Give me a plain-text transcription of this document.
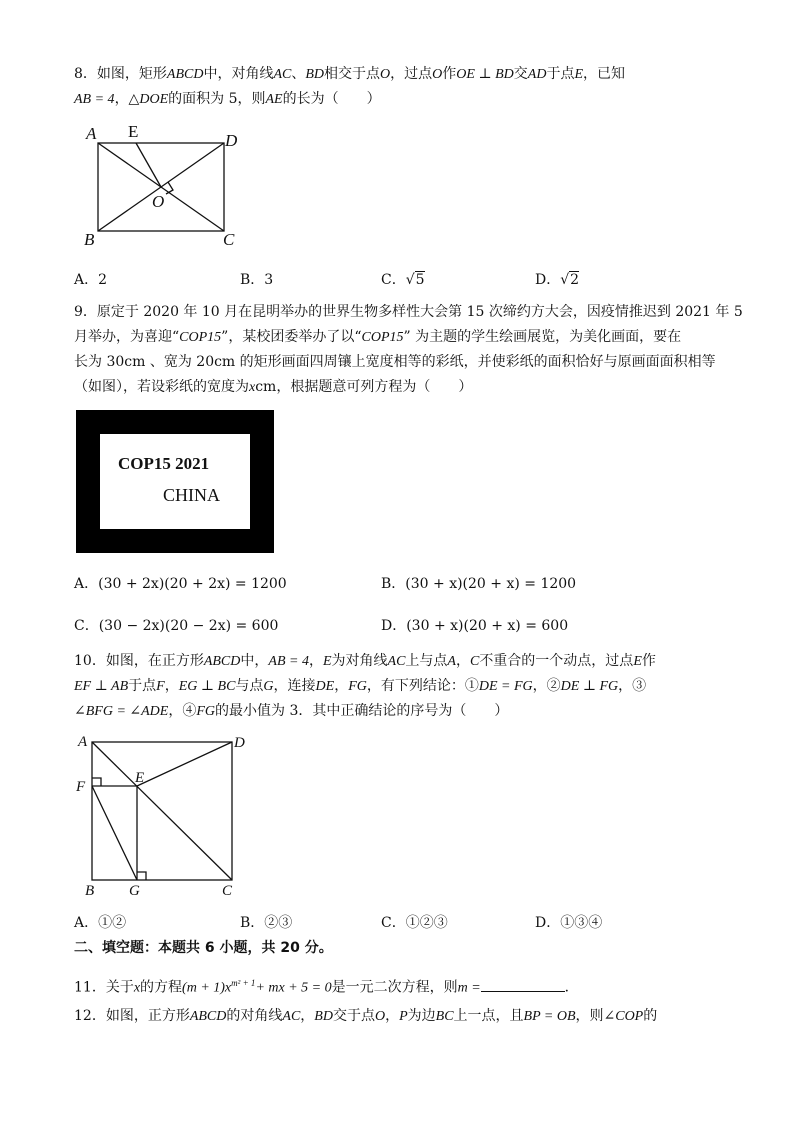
8．如图，矩形ABCD中，对角线AC、BD相交于点O，过点O作OE ⊥ BD交AD于点E，已知
AB = 4，△DOE的面积为 5，则AE的长为（　　）
A E	D
O
B	C
A．2	B．3	C．√5	D．√2
9．原定于 2020 年 10 月在昆明举办的世界生物多样性大会第 15 次缔约方大会，因疫情推迟到 2021 年 5
月举办，为喜迎“COP15”，某校团委举办了以“COP15” 为主题的学生绘画展览，为美化画面，要在
长为 30cm 、宽为 20cm 的矩形画面四周镶上宽度相等的彩纸，并使彩纸的面积恰好与原画面面积相等
（如图），若设彩纸的宽度为xcm，根据题意可列方程为（　　）
COP15 2021
CHINA
A．(30 + 2x)(20 + 2x) = 1200	B．(30 + x)(20 + x) = 1200
C．(30 − 2x)(20 − 2x) = 600	D．(30 + x)(20 + x) = 600
10．如图，在正方形ABCD中，AB = 4，E为对角线AC上与点A，C不重合的一个动点，过点E作
EF ⊥ AB于点F，EG ⊥ BC与点G，连接DE，FG，有下列结论：①DE = FG，②DE ⊥ FG，③
∠BFG = ∠ADE，④FG的最小值为 3．其中正确结论的序号为（　　）
A	D
E
F
B G	C
A．①②	B．②③	C．①②③	D．①③④
二、填空题：本题共 6 小题，共 20 分。
11．关于x的方程$(m + 1)x^{m^2 + 1}+$ mx + 5 = 0是一元二次方程，则m =	．
12．如图，正方形ABCD的对角线AC，BD交于点O，P为边BC上一点，且BP = OB，则∠COP的
